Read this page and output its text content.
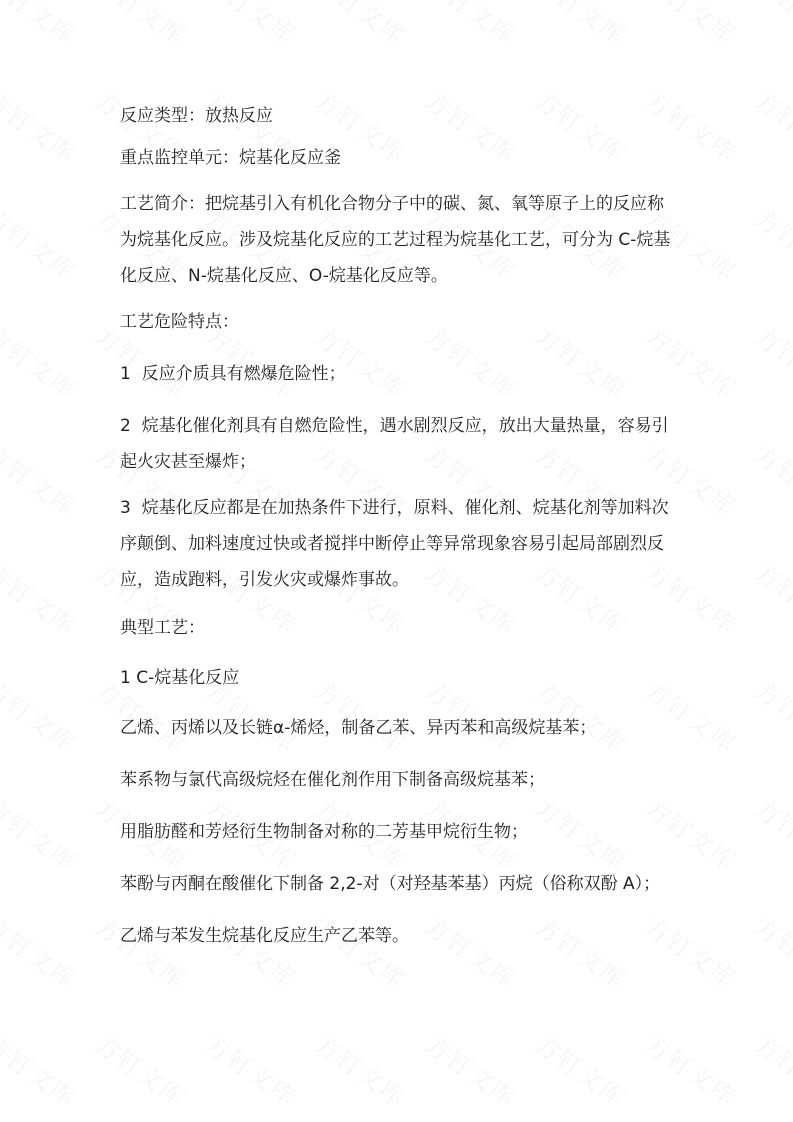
反应类型：放热反应

重点监控单元：烷基化反应釜

工艺简介：把烷基引入有机化合物分子中的碳、氮、氧等原子上的反应称为烷基化反应。涉及烷基化反应的工艺过程为烷基化工艺，可分为 C-烷基化反应、N-烷基化反应、O-烷基化反应等。

工艺危险特点：

1  反应介质具有燃爆危险性；

2  烷基化催化剂具有自燃危险性，遇水剧烈反应，放出大量热量，容易引起火灾甚至爆炸；

3  烷基化反应都是在加热条件下进行，原料、催化剂、烷基化剂等加料次序颠倒、加料速度过快或者搅拌中断停止等异常现象容易引起局部剧烈反应，造成跑料，引发火灾或爆炸事故。

典型工艺：

1 C-烷基化反应

乙烯、丙烯以及长链α-烯烃，制备乙苯、异丙苯和高级烷基苯；

苯系物与氯代高级烷烃在催化剂作用下制备高级烷基苯；

用脂肪醛和芳烃衍生物制备对称的二芳基甲烷衍生物；

苯酚与丙酮在酸催化下制备 2,2-对（对羟基苯基）丙烷（俗称双酚 A）；

乙烯与苯发生烷基化反应生产乙苯等。
